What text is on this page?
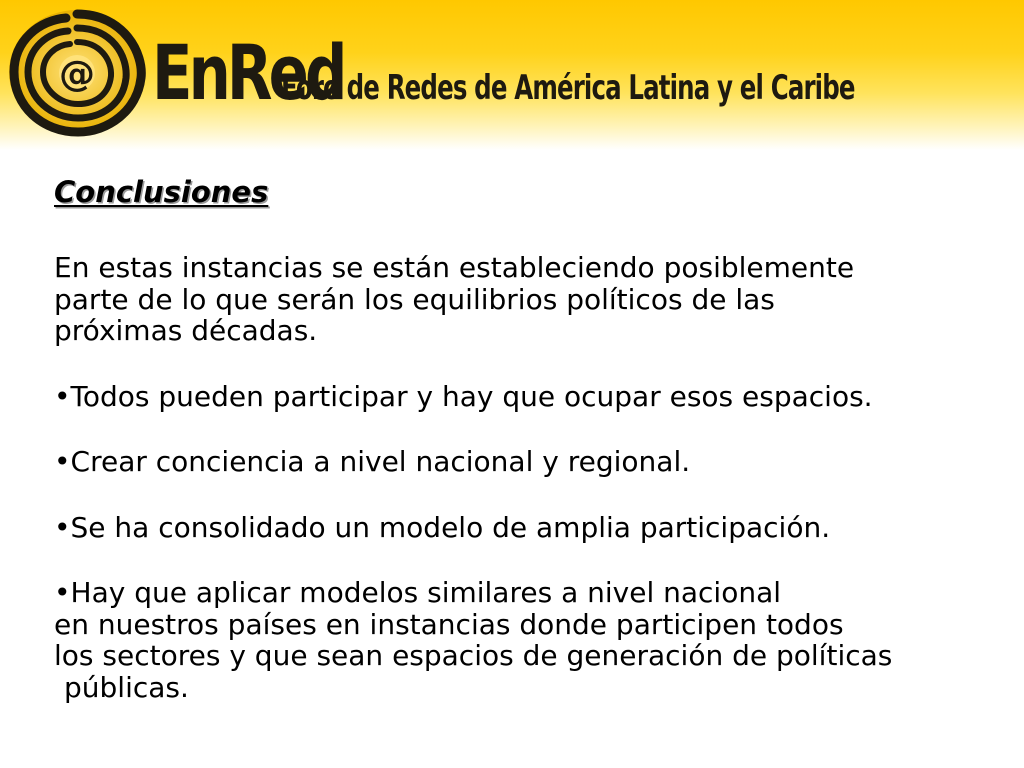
@ EnRed
Foro de Redes de América Latina y el Caribe
Conclusiones

En estas instancias se están estableciendo posiblemente

parte de lo que serán los equilibrios políticos de las

próximas décadas.

•Todos pueden participar y hay que ocupar esos espacios.

•Crear conciencia a nivel nacional y regional.

•Se ha consolidado un modelo de amplia participación.

•Hay que aplicar modelos similares a nivel nacional

en nuestros países en instancias donde participen todos

los sectores y que sean espacios de generación de políticas

públicas.
